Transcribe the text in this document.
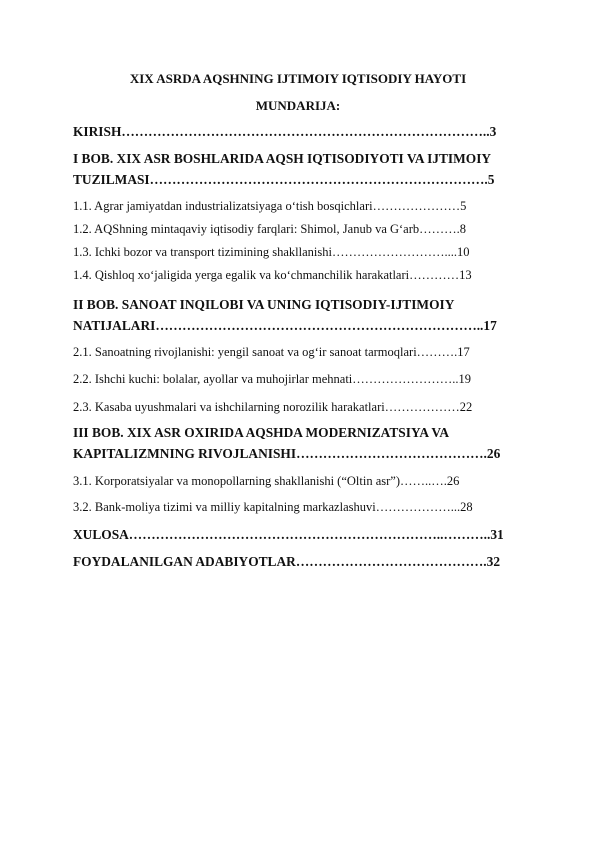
XIX ASRDA AQSHNING IJTIMOIY IQTISODIY HAYOTI
MUNDARIJA:
KIRISH………………………………………………………………………..3
I BOB. XIX ASR BOSHLARIDA AQSH IQTISODIYOTI VA IJTIMOIY
TUZILMASI………………………………………………………………….5
1.1. Agrar jamiyatdan industrializatsiyaga o‘tish bosqichlari…………………5
1.2. AQShning mintaqaviy iqtisodiy farqlari: Shimol, Janub va G‘arb……….8
1.3. Ichki bozor va transport tizimining shakllanishi………………………....10
1.4. Qishloq xo‘jaligida yerga egalik va ko‘chmanchilik harakatlari…………13
II BOB. SANOAT INQILOBI VA UNING IQTISODIY-IJTIMOIY
NATIJALARI………………………………………………………………..17
2.1. Sanoatning rivojlanishi: yengil sanoat va og‘ir sanoat tarmoqlari……….17
2.2. Ishchi kuchi: bolalar, ayollar va muhojirlar mehnati……………………..19
2.3. Kasaba uyushmalari va ishchilarning norozilik harakatlari………………22
III BOB. XIX ASR OXIRIDA AQSHDA MODERNIZATSIYA VA
KAPITALIZMNING RIVOJLANISHI…………………………………….26
3.1. Korporatsiyalar va monopollarning shakllanishi (“Oltin asr”)……..….26
3.2. Bank-moliya tizimi va milliy kapitalning markazlashuvi………………...28
XULOSA……………………………………………………………..………..31
FOYDALANILGAN ADABIYOTLAR…………………………………….32
